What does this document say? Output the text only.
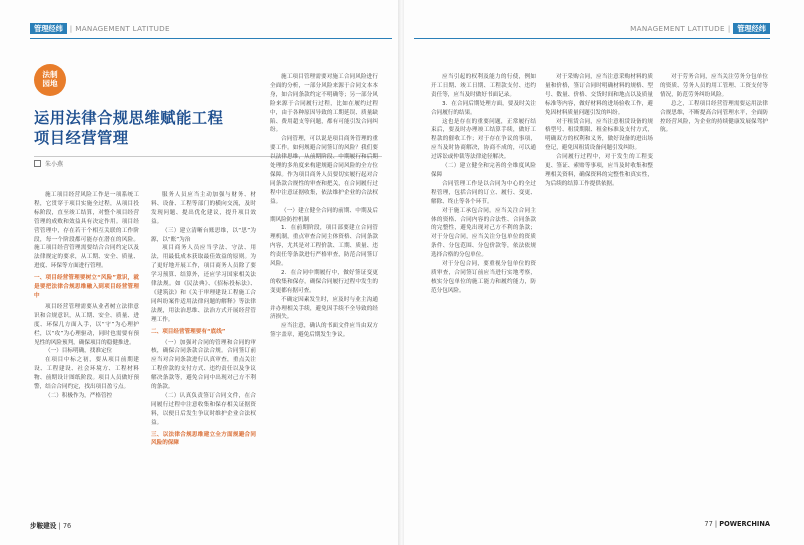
管理经纬 | MANAGEMENT LATITUDE
法制
园地
运用法律合规思维赋能工程
项目经营管理
朱小燕

施工项目经营风险工作是一项系统工程，它贯穿于项目实施全过程，从项目投标阶段，直至竣工结算，对整个项目经营管理的成败和效益具有决定作用。项目经营管理中，存在若干个相互关联的工作阶段，每一个阶段都可能存在潜在的风险。施工项目经营管理需要结合合同约定以及法律规定的要求，从工期、安全、质量、进度、环保等方面进行管理。

一、项目经营管理要树立“风险”意识，就是要把法律合规思维融入到项目经营管理中

项目经营管理需要从业者树立法律意识和合规意识，从工期、安全、质量、进度、环保几方面入手，以“守”为心理护栏，以“攻”为心理驱动，同时也需要有预见性的风险预判，确保项目的稳健推进。

（一）目标明确，找准定位

在项目中标之初，要从项目前期建设、工程建设、社会环境方、工程材料物、前期设计图纸阶段。项目人员做好预警，结合合同约定，找出项目盈亏点。

（二）积极作为，严格管控

服务人员应当主动加强与财务、材料、设备、工程等部门的横向交流，及时发现问题、提出优化建议，提升项目效益。

（三）建立清晰台账思维，以“思”为源，以“账”为治

项目商务人员应当学法、守法、用法，用最低成本获取最佳效益的原则。为了更好地开展工作，项目商务人员除了要学习预算、结算外，还应学习国家相关法律法规。如《民法典》、《招标投标法》、《建筑法》和《关于审理建设工程施工合同纠纷案件适用法律问题的解释》等法律法规，用法治思维、法治方式开展经营管理工作。

二、项目经营管理要有“底线”

（一）加强对合同的管理和合同的审核，确保合同条款合法合规。合同签订前应当对合同条款进行认真审查，重点关注工程价款的支付方式、违约责任以及争议解决条款等，避免合同中出现对己方不利的条款。

（二）认真负责签订合同文件，在合同履行过程中注意收集和保存相关证据资料，以便日后发生争议时维护企业合法权益。

三、以法律合规思维建立全方面规避合同风险的保障

施工项目管理需要对施工合同风险进行全面的分析，一部分风险来源于合同文本本身，如合同条款约定不明确等；另一部分风险来源于合同履行过程，比如在履约过程中，由于各种原因导致的工期延误、质量缺陷、费用超支等问题，都有可能引发合同纠纷。

合同管理，可以说是项目商务管理的重要工作。如何规避合同签订的风险？我们要以法律思维，从前期阶段、中期履行和后期处理的多角度来构建规避合同风险的全方位保障。作为项目商务人员要切实履行起对合同条款合规性的审查和把关，在合同履行过程中注意证据收集，依法维护企业的合法权益。

（一）建立健全合同的前期、中期及后期风险防控机制

1．在前期阶段，项目部要建立合同管理机制，重点审查合同主体资格、合同条款内容，尤其是对工程价款、工期、质量、违约责任等条款进行严格审查，防范合同签订风险。

2．在合同中期履行中，做好签证变更的收集和保存，确保合同履行过程中发生的变更都有据可查。

不确定因素发生时，应及时与业主沟通并办理相关手续，避免因手续不全导致的经济损失。

应当注意，确认的书面文件应当由双方签字盖章，避免后期发生争议。

步鞍建设 | 76
MANAGEMENT LATITUDE | 管理经纬

应当引起的权利及能力的行使，例如开工日期、竣工日期、工程款支付、违约责任等，应当及时做好书面记录。

3．在合同后期处理方面，要及时关注合同履行的结果。

这也是存在的重要问题，正常履行结束后，要及时办理竣工结算手续，做好工程款的催收工作；对于存在争议的事项，应当及时协商解决，协商不成的，可以通过诉讼或仲裁等法律途径解决。

（二）建立健全和完善的全维度风险保障

合同管理工作是以合同为中心的全过程管理，包括合同的订立、履行、变更、解除、终止等各个环节。

对于施工承包合同，应当关注合同主体的资格、合同内容的合法性、合同条款的完整性，避免出现对己方不利的条款；对于分包合同，应当关注分包单位的资质条件、分包范围、分包价款等，依法依规选择合格的分包单位。

对于分包合同，要重视分包单位的资质审查，合同签订前应当进行实地考察，核实分包单位的施工能力和履约能力，防范分包风险。

对于采购合同，应当注意采购材料的质量和价格，签订合同时明确材料的规格、型号、数量、价格、交货时间和地点以及质量标准等内容，做好材料的进场验收工作，避免因材料质量问题引发的纠纷。

对于租赁合同，应当注意租赁设备的规格型号、租赁期限、租金标准及支付方式，明确双方的权利和义务，做好设备的进出场登记，避免因租赁设备问题引发纠纷。

合同履行过程中，对于发生的工程变更、签证、索赔等事项，应当及时收集和整理相关资料，确保资料的完整性和真实性，为后续的结算工作提供依据。

对于劳务合同，应当关注劳务分包单位的资质、劳务人员的用工管理、工资支付等情况，防范劳务纠纷风险。

总之，工程项目经营管理需要运用法律合规思维，不断提高合同管理水平，全面防控经营风险，为企业的持续健康发展保驾护航。

77 | POWERCHINA
